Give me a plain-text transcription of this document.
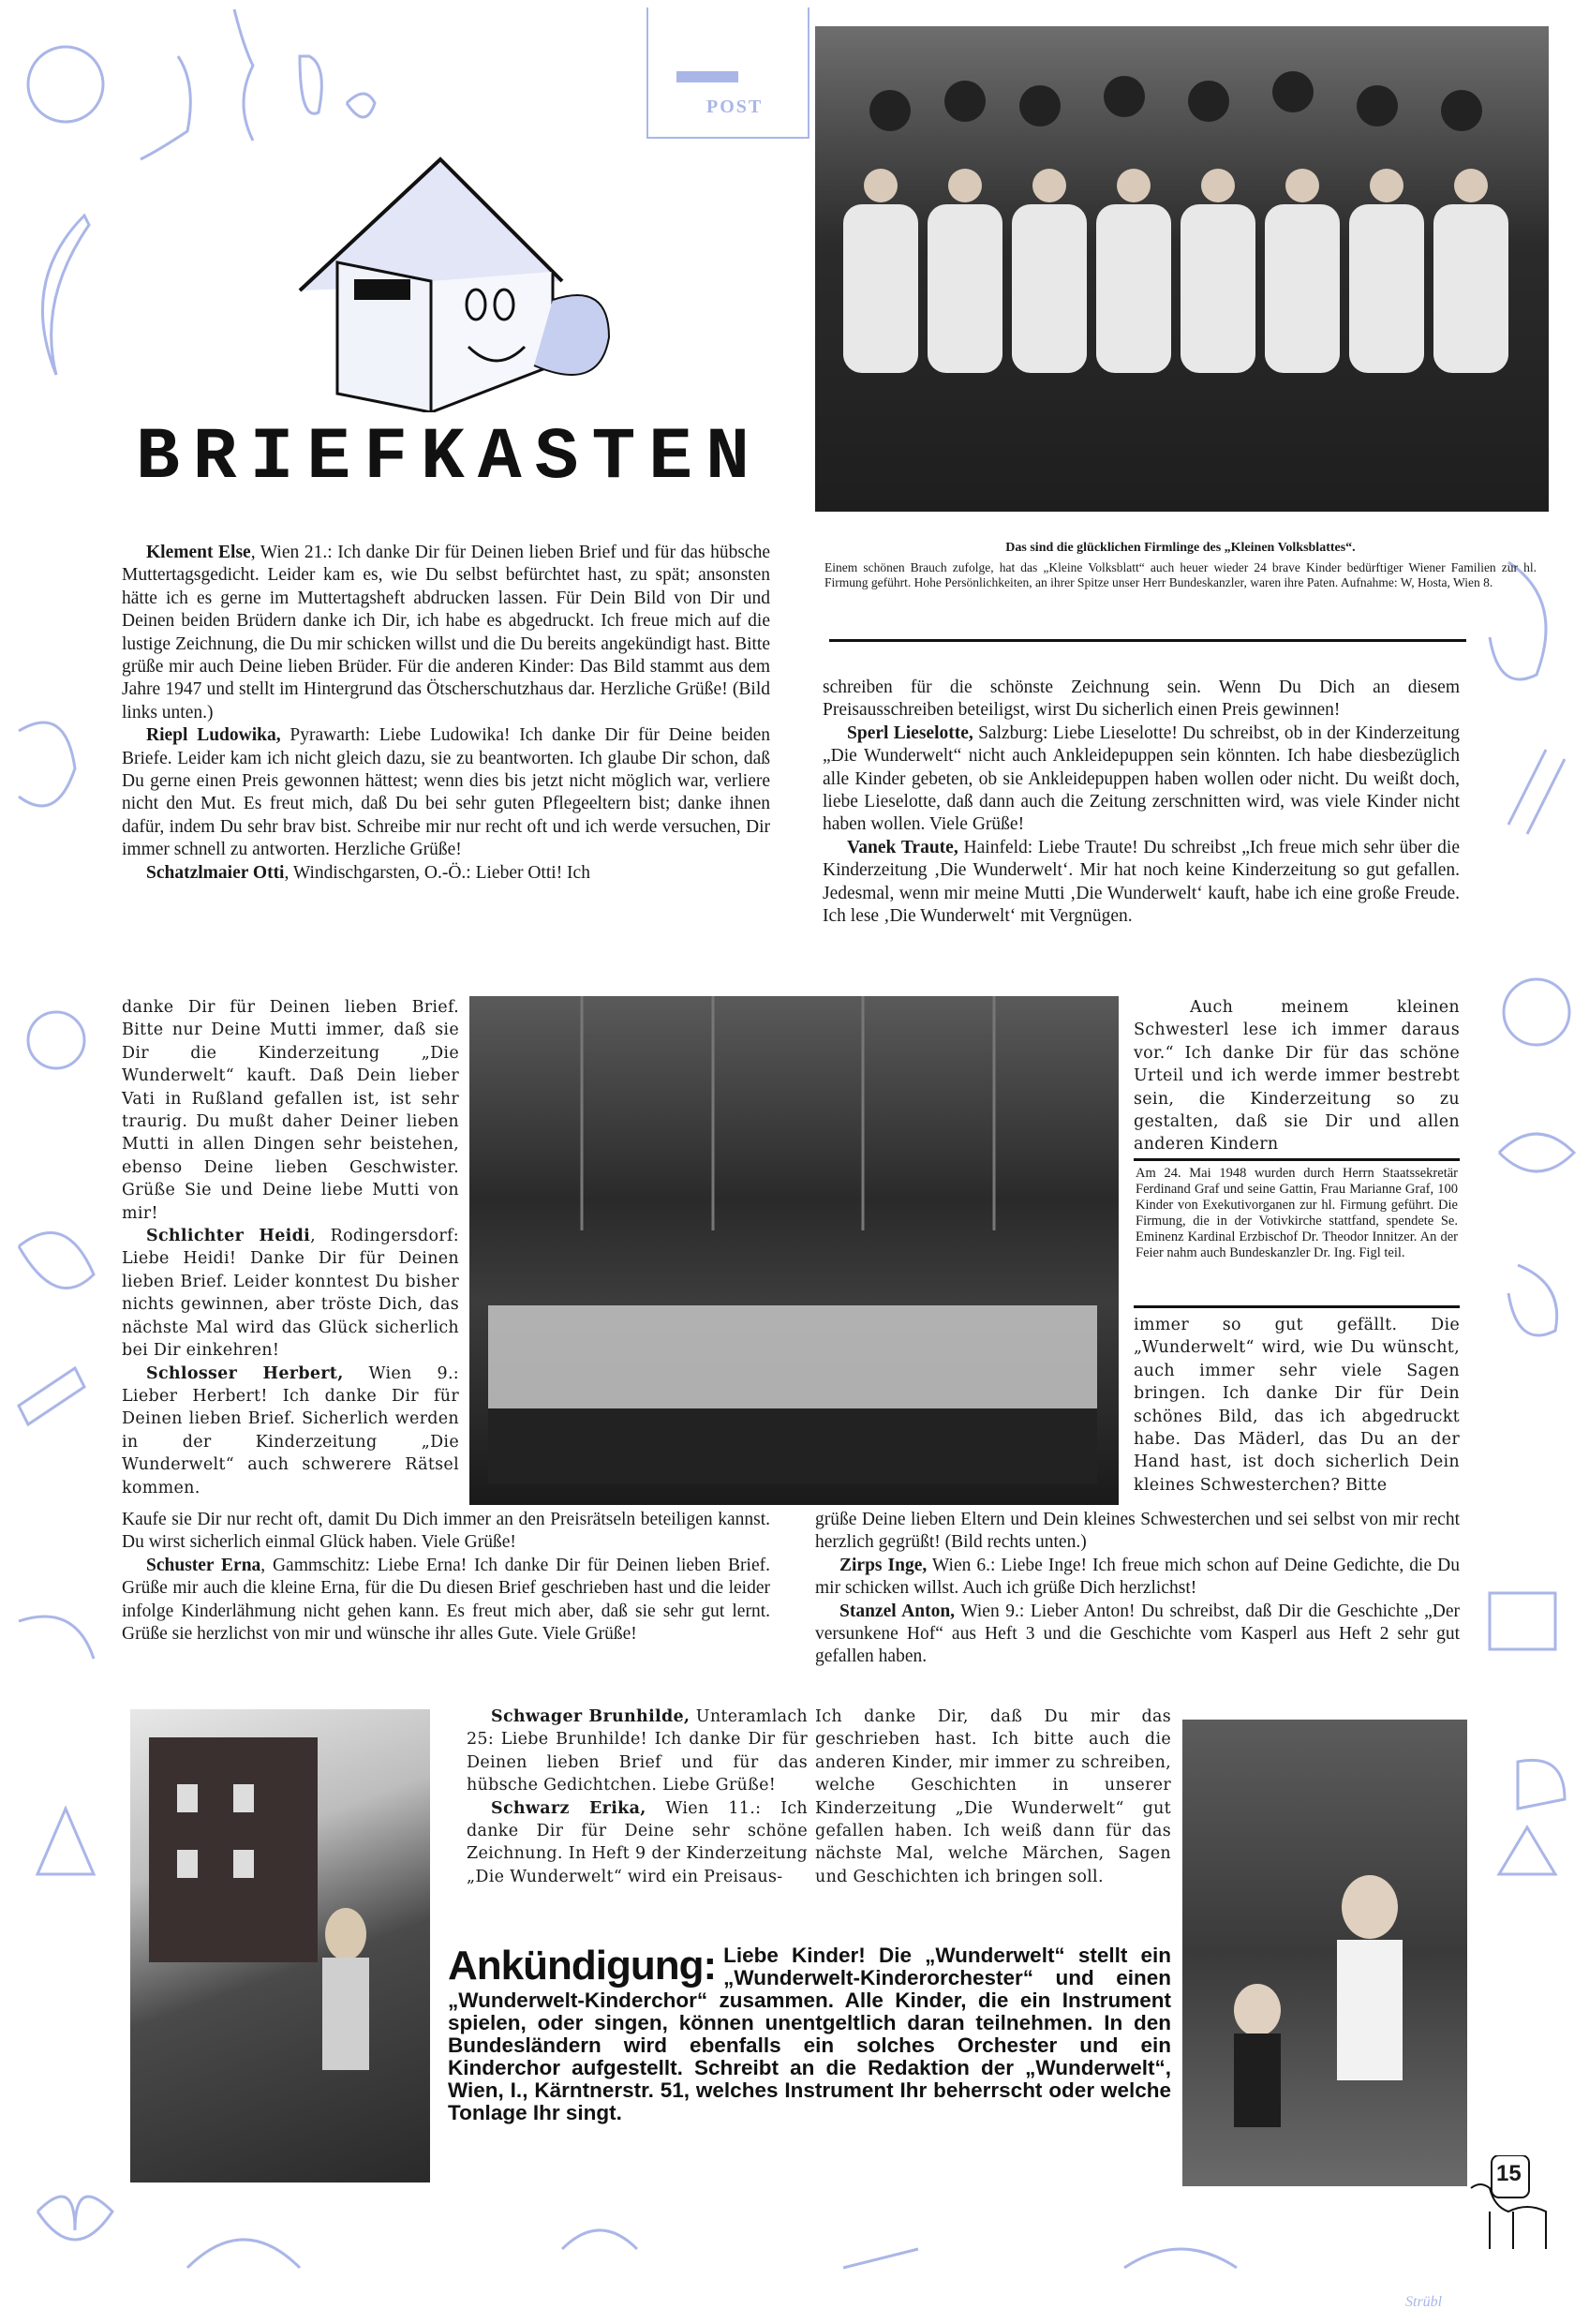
POST
BRIEFKASTEN
Das sind die glücklichen Firmlinge des „Kleinen Volksblattes“.
Einem schönen Brauch zufolge, hat das „Kleine Volksblatt“ auch heuer wieder 24 brave Kinder bedürftiger Wiener Familien zur hl. Firmung geführt. Hohe Persönlichkeiten, an ihrer Spitze unser Herr Bundeskanzler, waren ihre Paten. Aufnahme: W, Hosta, Wien 8.

Klement Else, Wien 21.: Ich danke Dir für Deinen lieben Brief und für das hübsche Muttertagsgedicht. Leider kam es, wie Du selbst befürchtet hast, zu spät; ansonsten hätte ich es gerne im Muttertagsheft abdrucken lassen. Für Dein Bild von Dir und Deinen beiden Brüdern danke ich Dir, ich habe es abgedruckt. Ich freue mich auf die lustige Zeichnung, die Du mir schicken willst und die Du bereits angekündigt hast. Bitte grüße mir auch Deine lieben Brüder. Für die anderen Kinder: Das Bild stammt aus dem Jahre 1947 und stellt im Hintergrund das Ötscherschutzhaus dar. Herzliche Grüße! (Bild links unten.)

Riepl Ludowika, Pyrawarth: Liebe Ludowika! Ich danke Dir für Deine beiden Briefe. Leider kam ich nicht gleich dazu, sie zu beantworten. Ich glaube Dir schon, daß Du gerne einen Preis gewonnen hättest; wenn dies bis jetzt nicht möglich war, verliere nicht den Mut. Es freut mich, daß Du bei sehr guten Pflegeeltern bist; danke ihnen dafür, indem Du sehr brav bist. Schreibe mir nur recht oft und ich werde versuchen, Dir immer schnell zu antworten. Herzliche Grüße!

Schatzlmaier Otti, Windischgarsten, O.-Ö.: Lieber Otti! Ich

danke Dir für Deinen lieben Brief. Bitte nur Deine Mutti immer, daß sie Dir die Kinderzeitung „Die Wunderwelt“ kauft. Daß Dein lieber Vati in Rußland gefallen ist, ist sehr traurig. Du mußt daher Deiner lieben Mutti in allen Dingen sehr beistehen, ebenso Deine lieben Geschwister. Grüße Sie und Deine liebe Mutti von mir!

Schlichter Heidi, Rodingersdorf: Liebe Heidi! Danke Dir für Deinen lieben Brief. Leider konntest Du bisher nichts gewinnen, aber tröste Dich, das nächste Mal wird das Glück sicherlich bei Dir einkehren!

Schlosser Herbert, Wien 9.: Lieber Herbert! Ich danke Dir für Deinen lieben Brief. Sicherlich werden in der Kinderzeitung „Die Wunderwelt“ auch schwerere Rätsel kommen.

Auch meinem kleinen Schwesterl lese ich immer daraus vor.“ Ich danke Dir für das schöne Urteil und ich werde immer bestrebt sein, die Kinderzeitung so zu gestalten, daß sie Dir und allen anderen Kindern

Am 24. Mai 1948 wurden durch Herrn Staatssekretär Ferdinand Graf und seine Gattin, Frau Marianne Graf, 100 Kinder von Exekutivorganen zur hl. Firmung geführt. Die Firmung, die in der Votivkirche stattfand, spendete Se. Eminenz Kardinal Erzbischof Dr. Theodor Innitzer. An der Feier nahm auch Bundeskanzler Dr. Ing. Figl teil.

immer so gut gefällt. Die „Wunderwelt“ wird, wie Du wünscht, auch immer sehr viele Sagen bringen. Ich danke Dir für Dein schönes Bild, das ich abgedruckt habe. Das Mäderl, das Du an der Hand hast, ist doch sicherlich Dein kleines Schwesterchen? Bitte

Kaufe sie Dir nur recht oft, damit Du Dich immer an den Preisrätseln beteiligen kannst. Du wirst sicherlich einmal Glück haben. Viele Grüße!

Schuster Erna, Gammschitz: Liebe Erna! Ich danke Dir für Deinen lieben Brief. Grüße mir auch die kleine Erna, für die Du diesen Brief geschrieben hast und die leider infolge Kinderlähmung nicht gehen kann. Es freut mich aber, daß sie sehr gut lernt. Grüße sie herzlichst von mir und wünsche ihr alles Gute. Viele Grüße!

schreiben für die schönste Zeichnung sein. Wenn Du Dich an diesem Preisausschreiben beteiligst, wirst Du sicherlich einen Preis gewinnen!

Sperl Lieselotte, Salzburg: Liebe Lieselotte! Du schreibst, ob in der Kinderzeitung „Die Wunderwelt“ nicht auch Ankleidepuppen sein könnten. Ich habe diesbezüglich alle Kinder gebeten, ob sie Ankleidepuppen haben wollen oder nicht. Du weißt doch, liebe Lieselotte, daß dann auch die Zeitung zerschnitten wird, was viele Kinder nicht haben wollen. Viele Grüße!

Vanek Traute, Hainfeld: Liebe Traute! Du schreibst „Ich freue mich sehr über die Kinderzeitung ‚Die Wunderwelt‘. Mir hat noch keine Kinderzeitung so gut gefallen. Jedesmal, wenn mir meine Mutti ‚Die Wunderwelt‘ kauft, habe ich eine große Freude. Ich lese ‚Die Wunderwelt‘ mit Vergnügen.

grüße Deine lieben Eltern und Dein kleines Schwesterchen und sei selbst von mir recht herzlich gegrüßt! (Bild rechts unten.)

Zirps Inge, Wien 6.: Liebe Inge! Ich freue mich schon auf Deine Gedichte, die Du mir schicken willst. Auch ich grüße Dich herzlichst!

Stanzel Anton, Wien 9.: Lieber Anton! Du schreibst, daß Dir die Geschichte „Der versunkene Hof“ aus Heft 3 und die Geschichte vom Kasperl aus Heft 2 sehr gut gefallen haben.

Schwager Brunhilde, Unteramlach 25: Liebe Brunhilde! Ich danke Dir für Deinen lieben Brief und für das hübsche Gedichtchen. Liebe Grüße!

Schwarz Erika, Wien 11.: Ich danke Dir für Deine sehr schöne Zeichnung. In Heft 9 der Kinderzeitung „Die Wunderwelt“ wird ein Preisaus-

Ich danke Dir, daß Du mir das geschrieben hast. Ich bitte auch die anderen Kinder, mir immer zu schreiben, welche Geschichten in unserer Kinderzeitung „Die Wunderwelt“ gut gefallen haben. Ich weiß dann für das nächste Mal, welche Märchen, Sagen und Geschichten ich bringen soll.

Ankündigung: Liebe Kinder! Die „Wunderwelt“ stellt ein „Wunderwelt-Kinderorchester“ und einen „Wunderwelt-Kinderchor“ zusammen. Alle Kinder, die ein Instrument spielen, oder singen, können unentgeltlich daran teilnehmen. In den Bundesländern wird ebenfalls ein solches Orchester und ein Kinderchor aufgestellt. Schreibt an die Redaktion der „Wunderwelt“, Wien, I., Kärntnerstr. 51, welches Instrument Ihr beherrscht oder welche Tonlage Ihr singt.
15
Strübl
